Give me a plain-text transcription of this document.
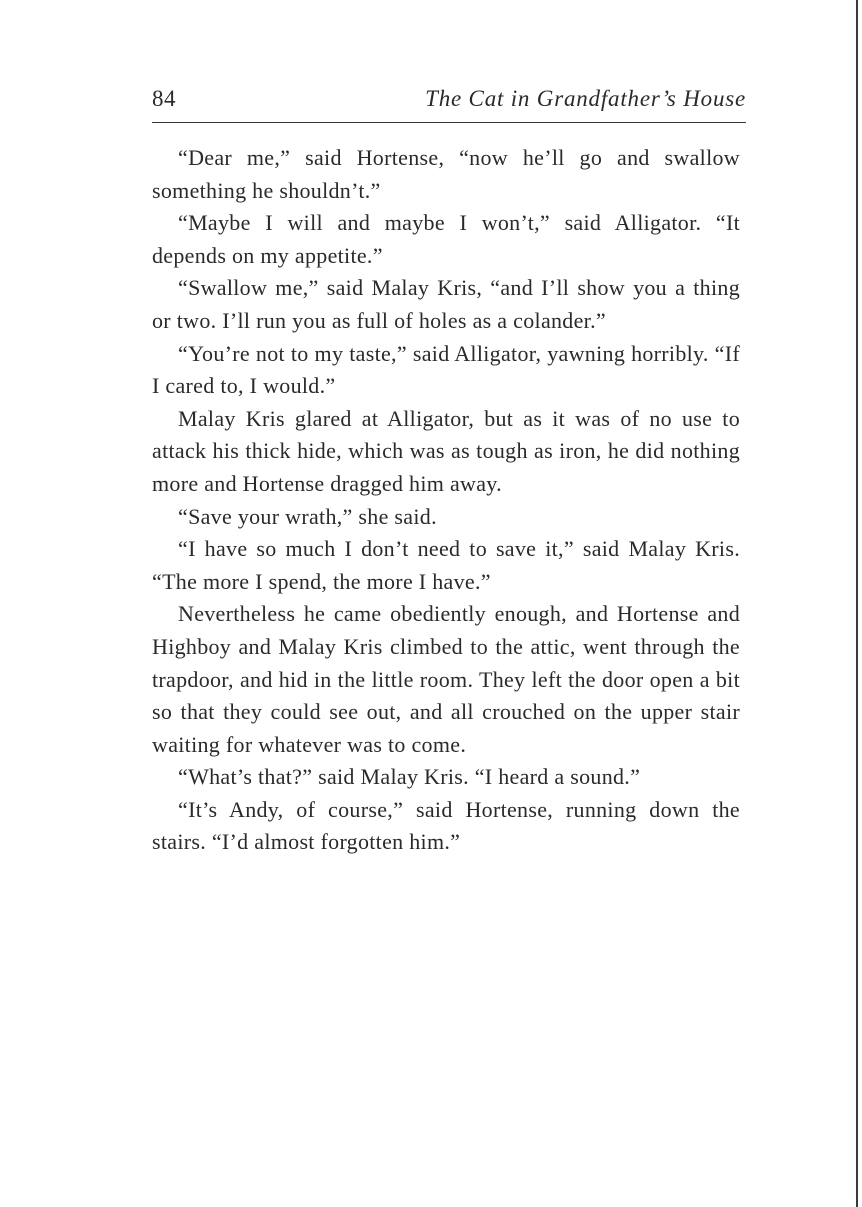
84	The Cat in Grandfather’s House

“Dear me,” said Hortense, “now he’ll go and swallow something he shouldn’t.”

“Maybe I will and maybe I won’t,” said Alligator. “It depends on my appetite.”

“Swallow me,” said Malay Kris, “and I’ll show you a thing or two. I’ll run you as full of holes as a colander.”

“You’re not to my taste,” said Alligator, yawning horribly. “If I cared to, I would.”

Malay Kris glared at Alligator, but as it was of no use to attack his thick hide, which was as tough as iron, he did nothing more and Hortense dragged him away.

“Save your wrath,” she said.

“I have so much I don’t need to save it,” said Malay Kris. “The more I spend, the more I have.”

Nevertheless he came obediently enough, and Hortense and Highboy and Malay Kris climbed to the attic, went through the trapdoor, and hid in the little room. They left the door open a bit so that they could see out, and all crouched on the upper stair waiting for whatever was to come.

“What’s that?” said Malay Kris. “I heard a sound.”

“It’s Andy, of course,” said Hortense, running down the stairs. “I’d almost forgotten him.”
